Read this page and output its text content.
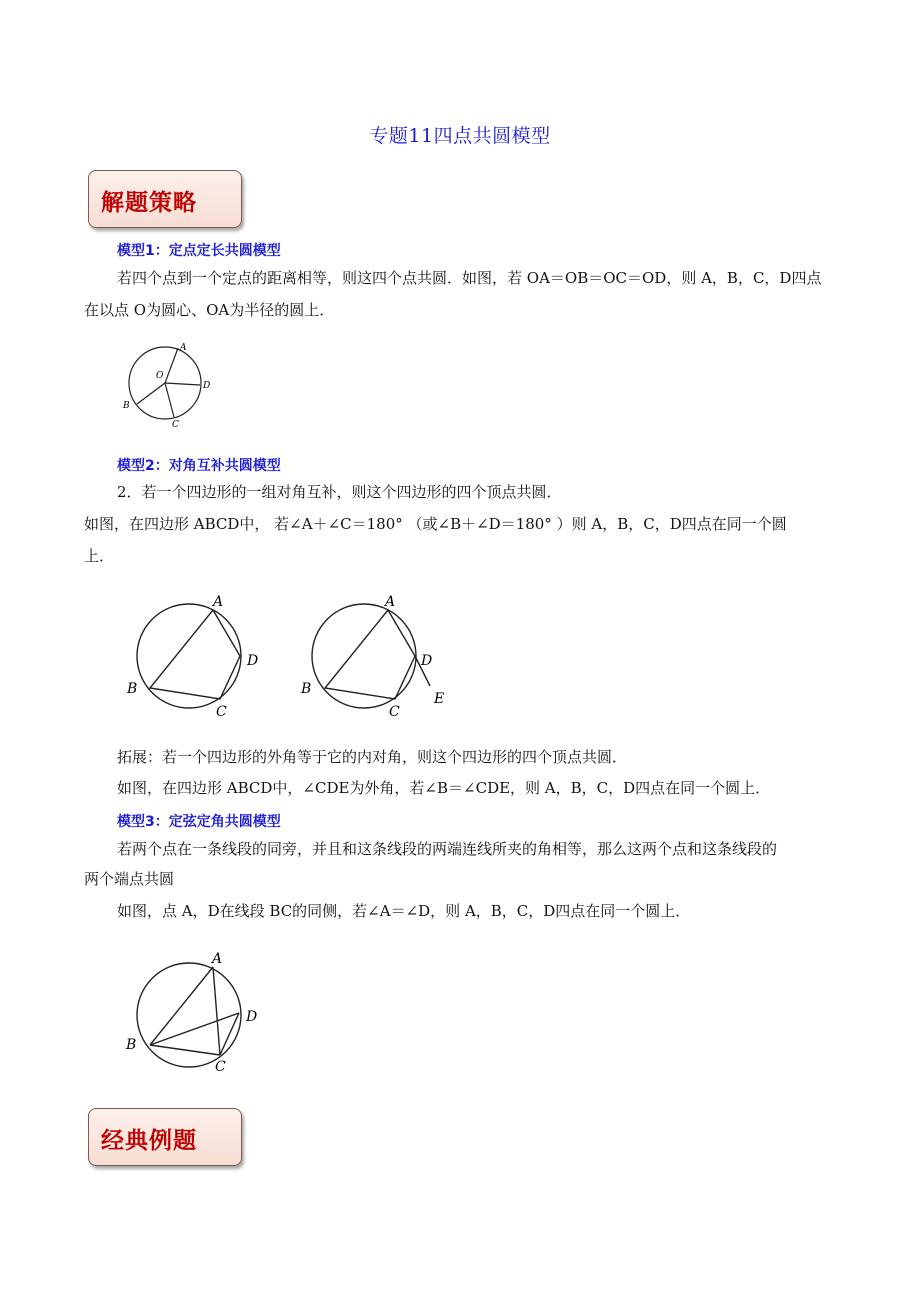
专题11四点共圆模型
解题策略
模型1：定点定长共圆模型
若四个点到一个定点的距离相等，则这四个点共圆．如图，若 OA＝OB＝OC＝OD，则 A，B，C，D四点
在以点 O为圆心、OA为半径的圆上．
O
A
D
C
B
模型2：对角互补共圆模型
2．若一个四边形的一组对角互补，则这个四边形的四个顶点共圆．
如图，在四边形 ABCD中， 若∠A＋∠C＝180° （或∠B＋∠D＝180° ）则 A，B，C，D四点在同一个圆
上．
A
D
C
B
A
D
C
B
E
拓展：若一个四边形的外角等于它的内对角，则这个四边形的四个顶点共圆．
如图，在四边形 ABCD中，∠CDE为外角，若∠B＝∠CDE，则 A，B，C，D四点在同一个圆上．
模型3：定弦定角共圆模型
若两个点在一条线段的同旁，并且和这条线段的两端连线所夹的角相等，那么这两个点和这条线段的
两个端点共圆
如图，点 A，D在线段 BC的同侧，若∠A＝∠D，则 A，B，C，D四点在同一个圆上．
A
D
C
B
经典例题
